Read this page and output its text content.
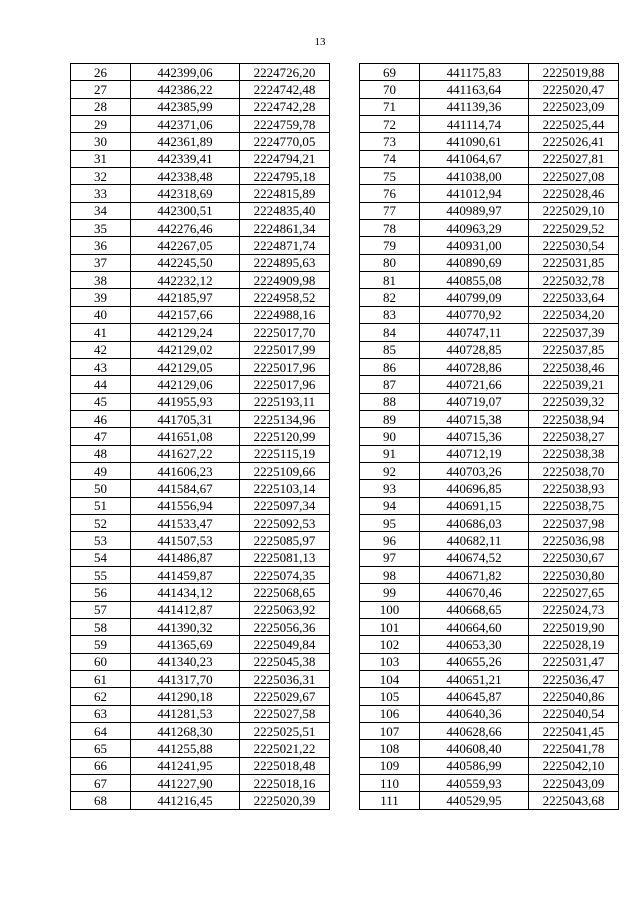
13
26	442399,06	2224726,20
27	442386,22	2224742,48
28	442385,99	2224742,28
29	442371,06	2224759,78
30	442361,89	2224770,05
31	442339,41	2224794,21
32	442338,48	2224795,18
33	442318,69	2224815,89
34	442300,51	2224835,40
35	442276,46	2224861,34
36	442267,05	2224871,74
37	442245,50	2224895,63
38	442232,12	2224909,98
39	442185,97	2224958,52
40	442157,66	2224988,16
41	442129,24	2225017,70
42	442129,02	2225017,99
43	442129,05	2225017,96
44	442129,06	2225017,96
45	441955,93	2225193,11
46	441705,31	2225134,96
47	441651,08	2225120,99
48	441627,22	2225115,19
49	441606,23	2225109,66
50	441584,67	2225103,14
51	441556,94	2225097,34
52	441533,47	2225092,53
53	441507,53	2225085,97
54	441486,87	2225081,13
55	441459,87	2225074,35
56	441434,12	2225068,65
57	441412,87	2225063,92
58	441390,32	2225056,36
59	441365,69	2225049,84
60	441340,23	2225045,38
61	441317,70	2225036,31
62	441290,18	2225029,67
63	441281,53	2225027,58
64	441268,30	2225025,51
65	441255,88	2225021,22
66	441241,95	2225018,48
67	441227,90	2225018,16
68	441216,45	2225020,39
69	441175,83	2225019,88
70	441163,64	2225020,47
71	441139,36	2225023,09
72	441114,74	2225025,44
73	441090,61	2225026,41
74	441064,67	2225027,81
75	441038,00	2225027,08
76	441012,94	2225028,46
77	440989,97	2225029,10
78	440963,29	2225029,52
79	440931,00	2225030,54
80	440890,69	2225031,85
81	440855,08	2225032,78
82	440799,09	2225033,64
83	440770,92	2225034,20
84	440747,11	2225037,39
85	440728,85	2225037,85
86	440728,86	2225038,46
87	440721,66	2225039,21
88	440719,07	2225039,32
89	440715,38	2225038,94
90	440715,36	2225038,27
91	440712,19	2225038,38
92	440703,26	2225038,70
93	440696,85	2225038,93
94	440691,15	2225038,75
95	440686,03	2225037,98
96	440682,11	2225036,98
97	440674,52	2225030,67
98	440671,82	2225030,80
99	440670,46	2225027,65
100	440668,65	2225024,73
101	440664,60	2225019,90
102	440653,30	2225028,19
103	440655,26	2225031,47
104	440651,21	2225036,47
105	440645,87	2225040,86
106	440640,36	2225040,54
107	440628,66	2225041,45
108	440608,40	2225041,78
109	440586,99	2225042,10
110	440559,93	2225043,09
111	440529,95	2225043,68
